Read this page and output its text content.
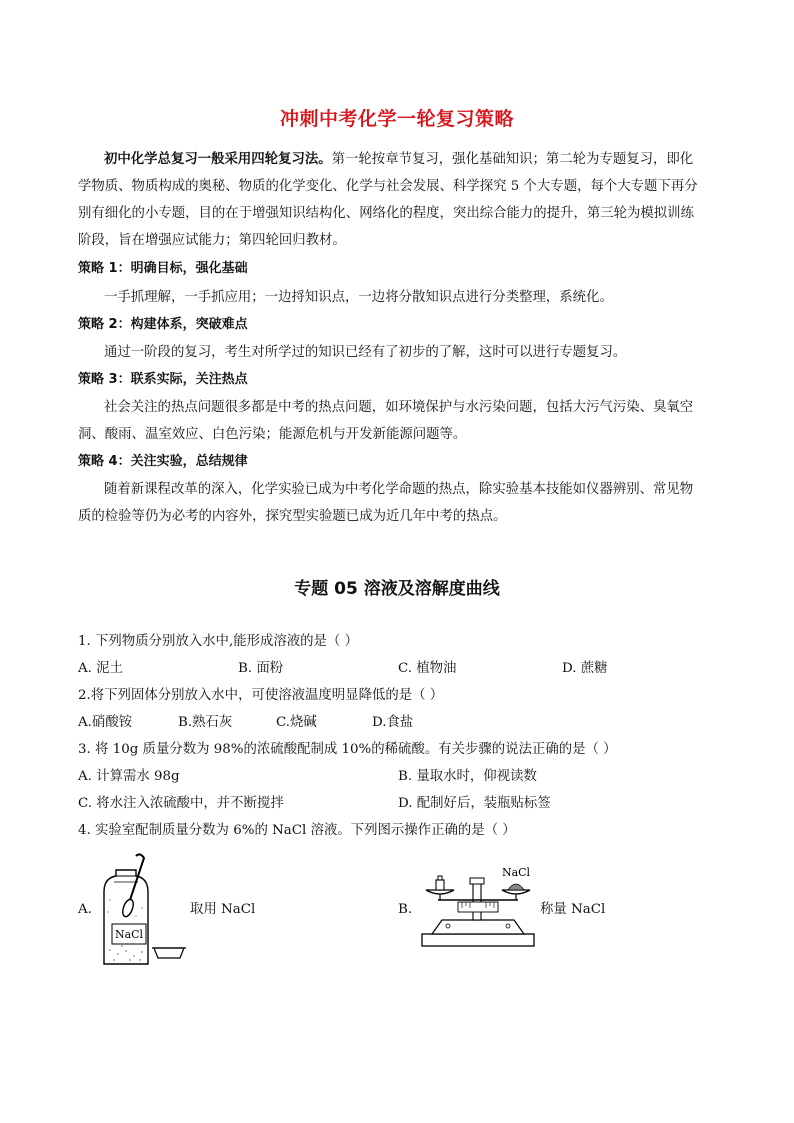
冲刺中考化学一轮复习策略
初中化学总复习一般采用四轮复习法。第一轮按章节复习，强化基础知识；第二轮为专题复习，即化
学物质、物质构成的奥秘、物质的化学变化、化学与社会发展、科学探究 5 个大专题，每个大专题下再分
别有细化的小专题，目的在于增强知识结构化、网络化的程度，突出综合能力的提升，第三轮为模拟训练
阶段，旨在增强应试能力；第四轮回归教材。
策略 1：明确目标，强化基础
一手抓理解，一手抓应用；一边捋知识点，一边将分散知识点进行分类整理，系统化。
策略 2：构建体系，突破难点
通过一阶段的复习，考生对所学过的知识已经有了初步的了解，这时可以进行专题复习。
策略 3：联系实际，关注热点
社会关注的热点问题很多都是中考的热点问题，如环境保护与水污染问题，包括大污气污染、臭氧空
洞、酸雨、温室效应、白色污染；能源危机与开发新能源问题等。
策略 4：关注实验，总结规律
随着新课程改革的深入，化学实验已成为中考化学命题的热点，除实验基本技能如仪器辨别、常见物
质的检验等仍为必考的内容外，探究型实验题已成为近几年中考的热点。
专题 05 溶液及溶解度曲线
1. 下列物质分别放入水中,能形成溶液的是（ ）
A. 泥土	B. 面粉	C. 植物油	D. 蔗糖
2.将下列固体分别放入水中，可使溶液温度明显降低的是（ ）
A.硝酸铵	B.熟石灰	C.烧碱	D.食盐
3. 将 10g 质量分数为 98%的浓硫酸配制成 10%的稀硫酸。有关步骤的说法正确的是（ ）
A. 计算需水 98g	B. 量取水时，仰视读数
C. 将水注入浓硫酸中，并不断搅拌	D. 配制好后，装瓶贴标签
4. 实验室配制质量分数为 6%的 NaCl 溶液。下列图示操作正确的是（ ）
A.
NaCl
取用 NaCl	B.
NaCl
称量 NaCl
